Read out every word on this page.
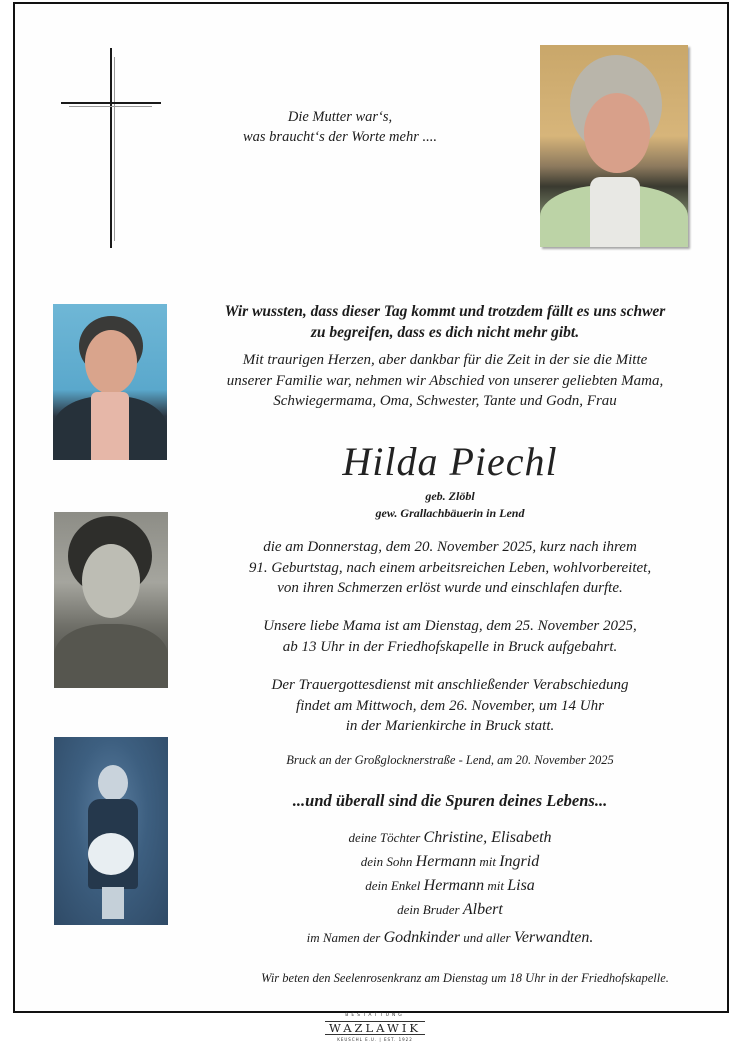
Die Mutter war‘s,
was braucht‘s der Worte mehr ....
Wir wussten, dass dieser Tag kommt und trotzdem fällt es uns schwer
zu begreifen, dass es dich nicht mehr gibt.
Mit traurigen Herzen, aber dankbar für die Zeit in der sie die Mitte
unserer Familie war, nehmen wir Abschied von unserer geliebten Mama,
Schwiegermama, Oma, Schwester, Tante und Godn, Frau
Hilda Piechl
geb. Zlöbl
gew. Grallachbäuerin in Lend
die am Donnerstag, dem 20. November 2025, kurz nach ihrem
91. Geburtstag, nach einem arbeitsreichen Leben, wohlvorbereitet,
von ihren Schmerzen erlöst wurde und einschlafen durfte.
Unsere liebe Mama ist am Dienstag, dem 25. November 2025,
ab 13 Uhr in der Friedhofskapelle in Bruck aufgebahrt.
Der Trauergottesdienst mit anschließender Verabschiedung
findet am Mittwoch, dem 26. November, um 14 Uhr
in der Marienkirche in Bruck statt.
Bruck an der Großglocknerstraße - Lend, am 20. November 2025
...und überall sind die Spuren deines Lebens...
deine Töchter Christine, Elisabeth
dein Sohn Hermann mit Ingrid
dein Enkel Hermann mit Lisa
dein Bruder Albert
im Namen der Godnkinder und aller Verwandten.
Wir beten den Seelenrosenkranz am Dienstag um 18 Uhr in der Friedhofskapelle.
BESTATTUNG
WAZLAWIK
KEUSCHL E.U. | EST. 1922
